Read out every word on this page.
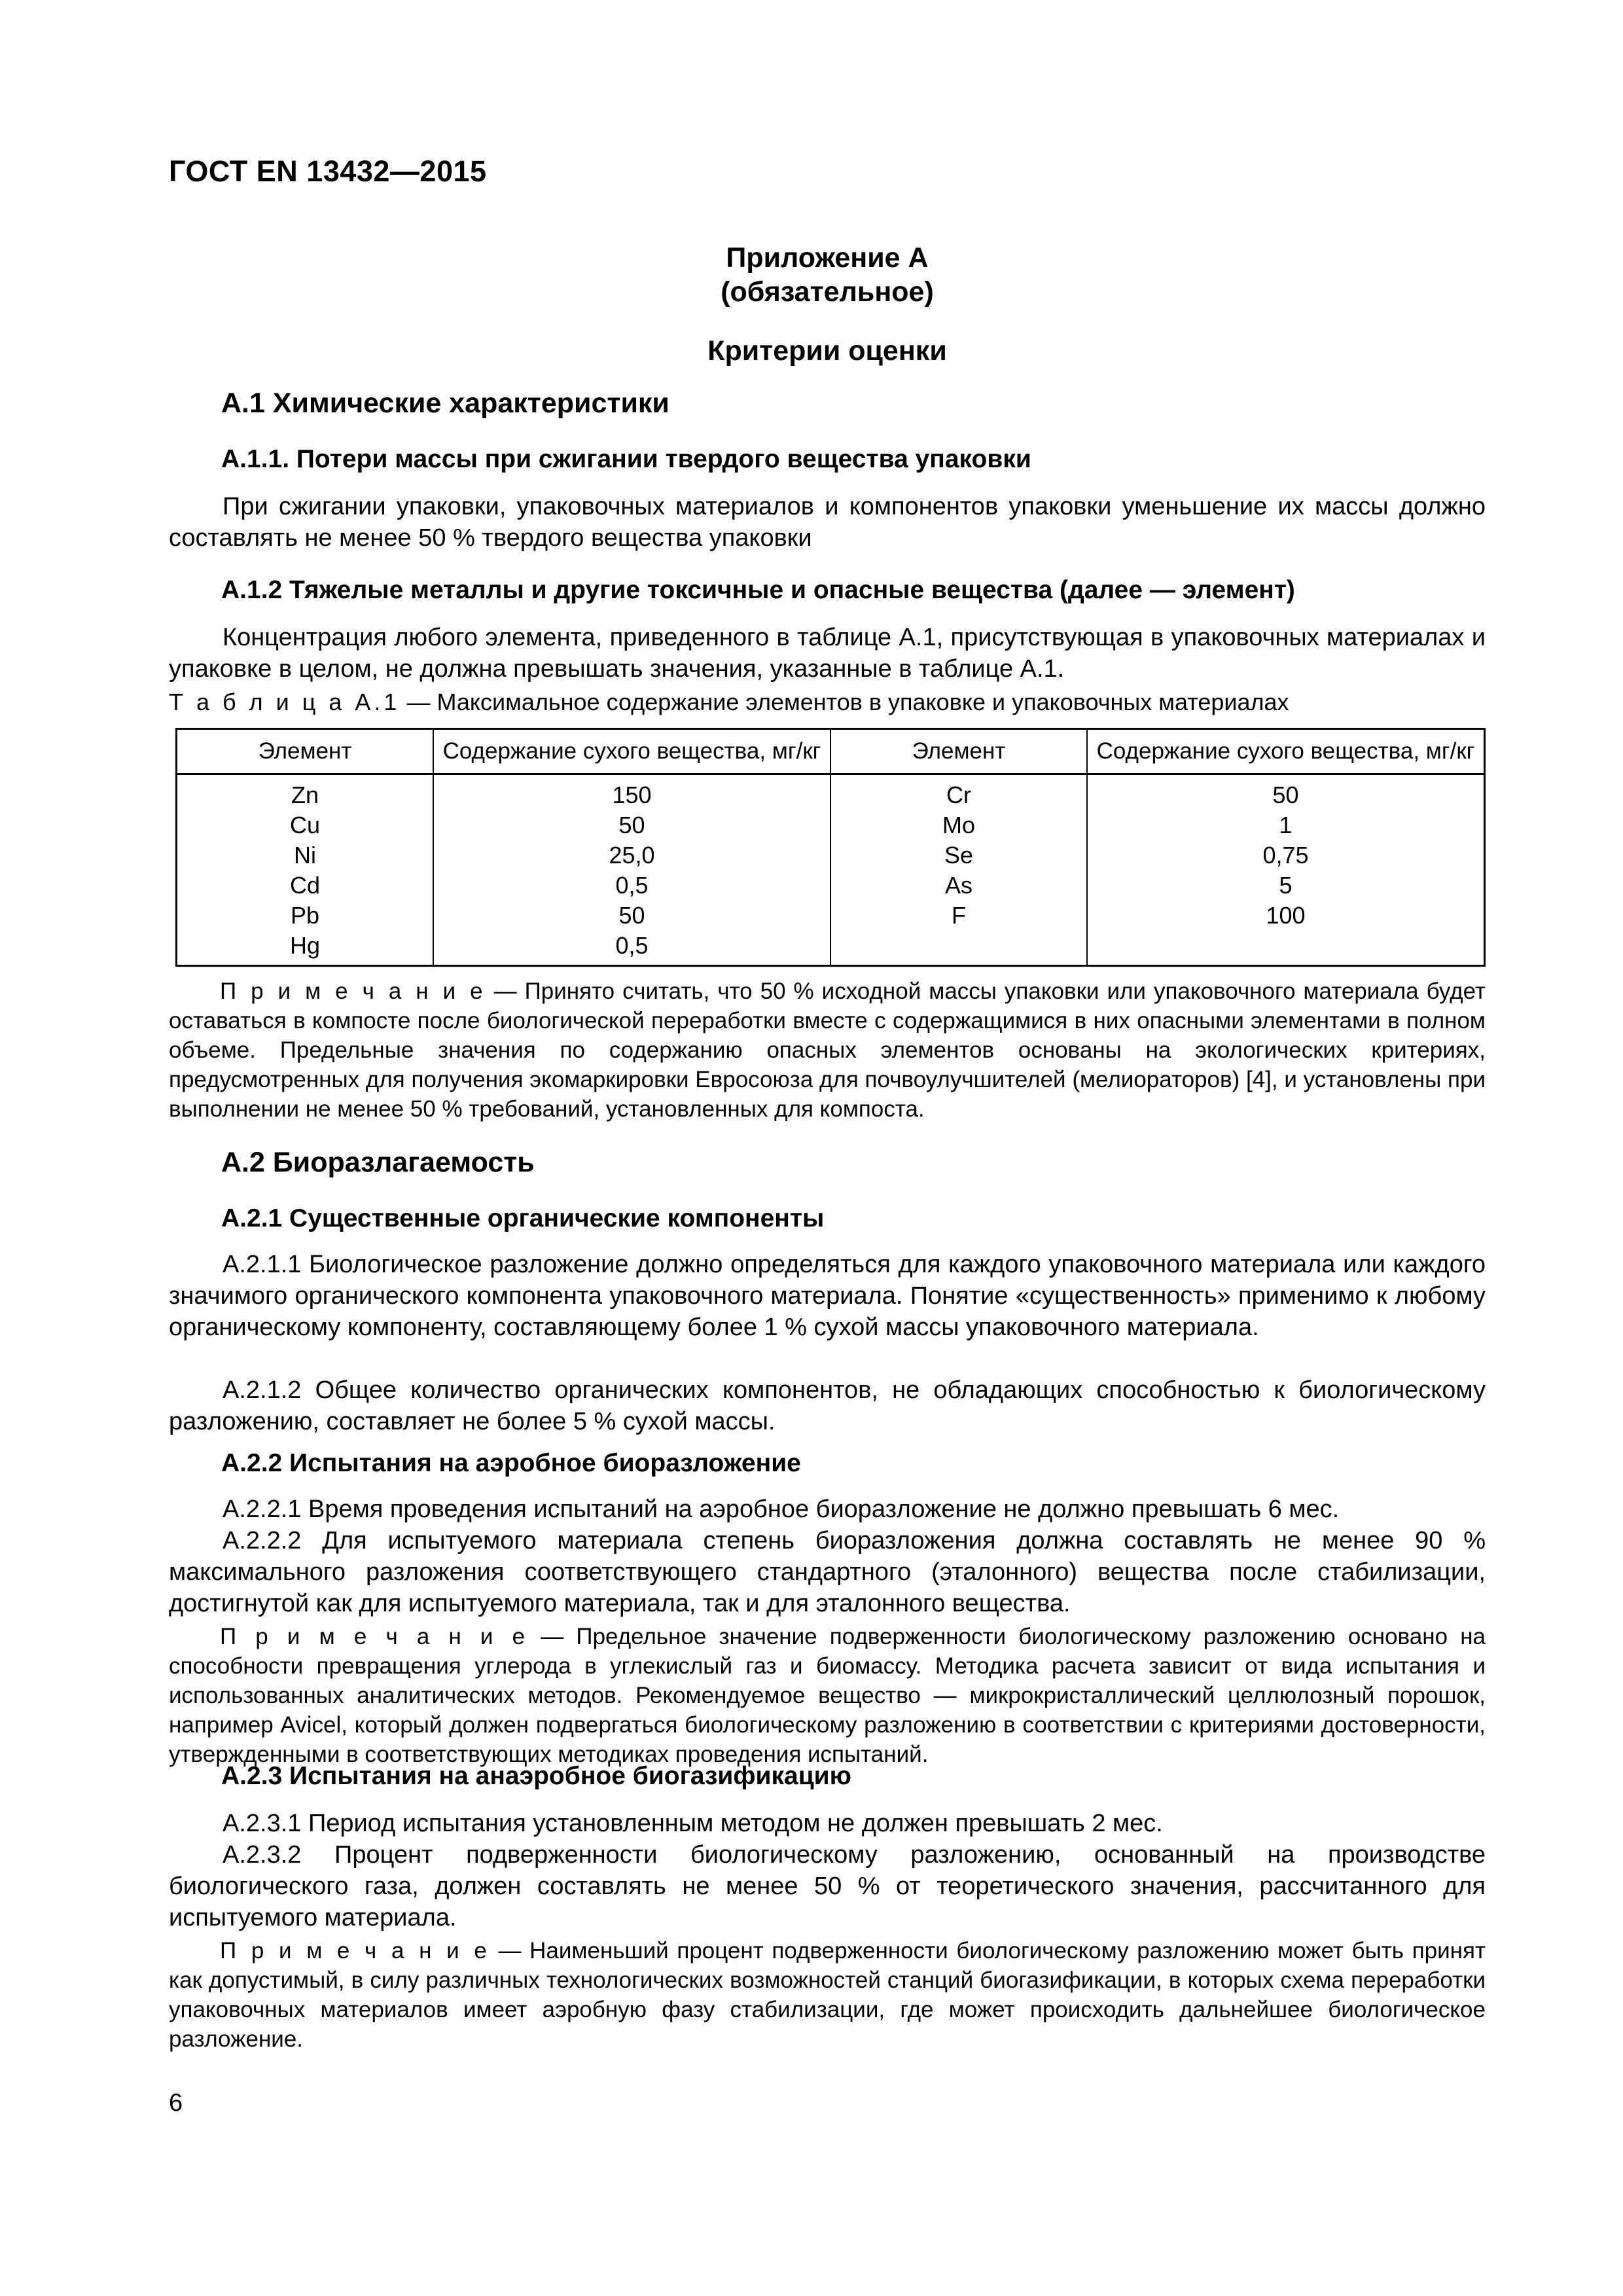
ГОСТ EN 13432—2015
Приложение А
(обязательное)
Критерии оценки
А.1 Химические характеристики
А.1.1. Потери массы при сжигании твердого вещества упаковки
При сжигании упаковки, упаковочных материалов и компонентов упаковки уменьшение их массы должно составлять не менее 50 % твердого вещества упаковки
А.1.2 Тяжелые металлы и другие токсичные и опасные вещества (далее — элемент)
Концентрация любого элемента, приведенного в таблице А.1, присутствующая в упаковочных материалах и упаковке в целом, не должна превышать значения, указанные в таблице А.1.
Т а б л и ц а А.1 — Максимальное содержание элементов в упаковке и упаковочных материалах
Элемент	Содержание сухого вещества, мг/кг	Элемент	Содержание сухого вещества, мг/кг
Zn	150	Cr	50
Cu	50	Mo	1
Ni	25,0	Se	0,75
Cd	0,5	As	5
Pb	50	F	100
Hg	0,5		
П р и м е ч а н и е — Принято считать, что 50 % исходной массы упаковки или упаковочного материала будет оставаться в компосте после биологической переработки вместе с содержащимися в них опасными элементами в полном объеме. Предельные значения по содержанию опасных элементов основаны на экологических критериях, предусмотренных для получения экомаркировки Евросоюза для почвоулучшителей (мелиораторов) [4], и установлены при выполнении не менее 50 % требований, установленных для компоста.
А.2 Биоразлагаемость
А.2.1 Существенные органические компоненты
А.2.1.1 Биологическое разложение должно определяться для каждого упаковочного материала или каждого значимого органического компонента упаковочного материала. Понятие «существенность» применимо к любому органическому компоненту, составляющему более 1 % сухой массы упаковочного материала.
А.2.1.2 Общее количество органических компонентов, не обладающих способностью к биологическому разложению, составляет не более 5 % сухой массы.
А.2.2 Испытания на аэробное биоразложение
А.2.2.1 Время проведения испытаний на аэробное биоразложение не должно превышать 6 мес.
А.2.2.2 Для испытуемого материала степень биоразложения должна составлять не менее 90 % максимального разложения соответствующего стандартного (эталонного) вещества после стабилизации, достигнутой как для испытуемого материала, так и для эталонного вещества.
П р и м е ч а н и е — Предельное значение подверженности биологическому разложению основано на способности превращения углерода в углекислый газ и биомассу. Методика расчета зависит от вида испытания и использованных аналитических методов. Рекомендуемое вещество — микрокристаллический целлюлозный порошок, например Avicel, который должен подвергаться биологическому разложению в соответствии с критериями достоверности, утвержденными в соответствующих методиках проведения испытаний.
А.2.3 Испытания на анаэробное биогазификацию
А.2.3.1 Период испытания установленным методом не должен превышать 2 мес.
А.2.3.2 Процент подверженности биологическому разложению, основанный на производстве биологического газа, должен составлять не менее 50 % от теоретического значения, рассчитанного для испытуемого материала.
П р и м е ч а н и е — Наименьший процент подверженности биологическому разложению может быть принят как допустимый, в силу различных технологических возможностей станций биогазификации, в которых схема переработки упаковочных материалов имеет аэробную фазу стабилизации, где может происходить дальнейшее биологическое разложение.
6
